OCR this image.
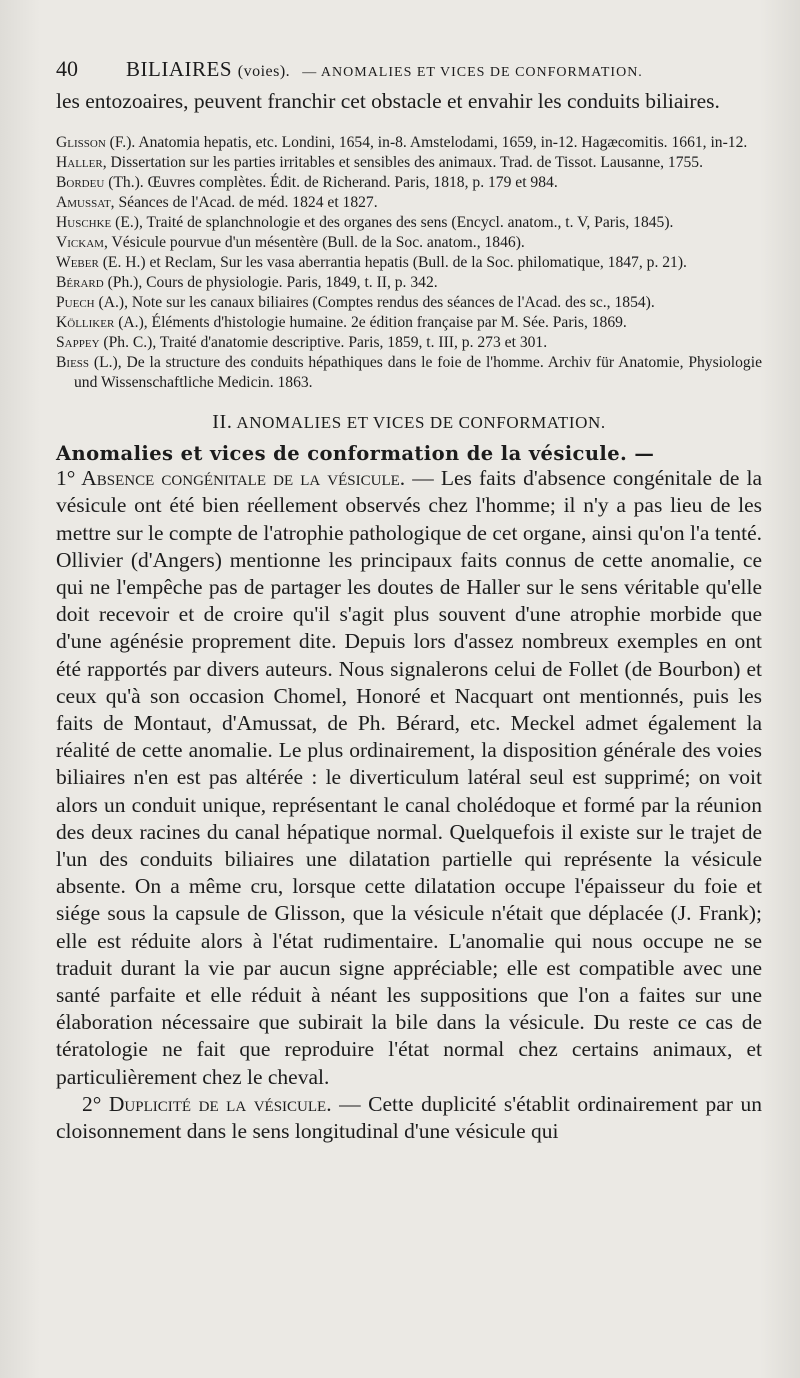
40 BILIAIRES (voies). — ANOMALIES ET VICES DE CONFORMATION.

les entozoaires, peuvent franchir cet obstacle et envahir les conduits biliaires.

Glisson (F.). Anatomia hepatis, etc. Londini, 1654, in-8. Amstelodami, 1659, in-12. Hagæcomitis. 1661, in-12.
Haller, Dissertation sur les parties irritables et sensibles des animaux. Trad. de Tissot. Lausanne, 1755.
Bordeu (Th.). Œuvres complètes. Édit. de Richerand. Paris, 1818, p. 179 et 984.
Amussat, Séances de l'Acad. de méd. 1824 et 1827.
Huschke (E.), Traité de splanchnologie et des organes des sens (Encycl. anatom., t. V, Paris, 1845).
Vickam, Vésicule pourvue d'un mésentère (Bull. de la Soc. anatom., 1846).
Weber (E. H.) et Reclam, Sur les vasa aberrantia hepatis (Bull. de la Soc. philomatique, 1847, p. 21).
Bérard (Ph.), Cours de physiologie. Paris, 1849, t. II, p. 342.
Puech (A.), Note sur les canaux biliaires (Comptes rendus des séances de l'Acad. des sc., 1854).
Kölliker (A.), Éléments d'histologie humaine. 2e édition française par M. Sée. Paris, 1869.
Sappey (Ph. C.), Traité d'anatomie descriptive. Paris, 1859, t. III, p. 273 et 301.
Biess (L.), De la structure des conduits hépathiques dans le foie de l'homme. Archiv für Anatomie, Physiologie und Wissenschaftliche Medicin. 1863.
II. ANOMALIES ET VICES DE CONFORMATION.
Anomalies et vices de conformation de la vésicule. —

1° Absence congénitale de la vésicule. — Les faits d'absence congénitale de la vésicule ont été bien réellement observés chez l'homme; il n'y a pas lieu de les mettre sur le compte de l'atrophie pathologique de cet organe, ainsi qu'on l'a tenté. Ollivier (d'Angers) mentionne les principaux faits connus de cette anomalie, ce qui ne l'empêche pas de partager les doutes de Haller sur le sens véritable qu'elle doit recevoir et de croire qu'il s'agit plus souvent d'une atrophie morbide que d'une agénésie proprement dite. Depuis lors d'assez nombreux exemples en ont été rapportés par divers auteurs. Nous signalerons celui de Follet (de Bourbon) et ceux qu'à son occasion Chomel, Honoré et Nacquart ont mentionnés, puis les faits de Montaut, d'Amussat, de Ph. Bérard, etc. Meckel admet également la réalité de cette anomalie. Le plus ordinairement, la disposition générale des voies biliaires n'en est pas altérée : le diverticulum latéral seul est supprimé; on voit alors un conduit unique, représentant le canal cholédoque et formé par la réunion des deux racines du canal hépatique normal. Quelquefois il existe sur le trajet de l'un des conduits biliaires une dilatation partielle qui représente la vésicule absente. On a même cru, lorsque cette dilatation occupe l'épaisseur du foie et siége sous la capsule de Glisson, que la vésicule n'était que déplacée (J. Frank); elle est réduite alors à l'état rudimentaire. L'anomalie qui nous occupe ne se traduit durant la vie par aucun signe appréciable; elle est compatible avec une santé parfaite et elle réduit à néant les suppositions que l'on a faites sur une élaboration nécessaire que subirait la bile dans la vésicule. Du reste ce cas de tératologie ne fait que reproduire l'état normal chez certains animaux, et particulièrement chez le cheval.

2° Duplicité de la vésicule. — Cette duplicité s'établit ordinairement par un cloisonnement dans le sens longitudinal d'une vésicule qui
